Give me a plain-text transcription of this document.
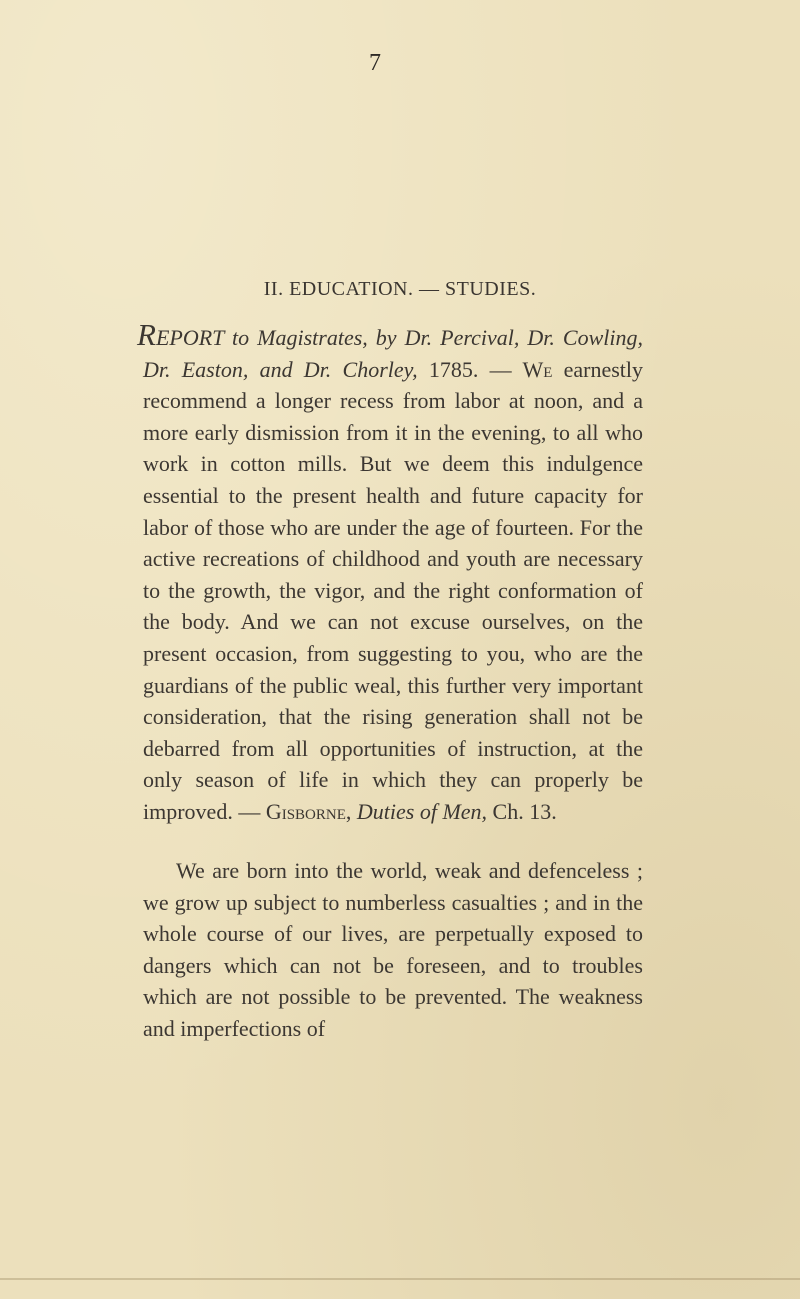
7
II. EDUCATION. — STUDIES.
REPORT to Magistrates, by Dr. Percival, Dr. Cowling, Dr. Easton, and Dr. Chorley, 1785. — We earnestly recommend a longer recess from labor at noon, and a more early dismission from it in the evening, to all who work in cotton mills. But we deem this indulgence essential to the present health and future capacity for labor of those who are under the age of fourteen. For the active recreations of childhood and youth are necessary to the growth, the vigor, and the right conformation of the body. And we can not excuse ourselves, on the present occasion, from suggesting to you, who are the guardians of the public weal, this further very important consideration, that the rising generation shall not be debarred from all opportunities of instruction, at the only season of life in which they can properly be improved. — Gisborne, Duties of Men, Ch. 13.
We are born into the world, weak and defenceless ; we grow up subject to numberless casualties ; and in the whole course of our lives, are perpetually exposed to dangers which can not be foreseen, and to troubles which are not possible to be prevented. The weakness and imperfections of
